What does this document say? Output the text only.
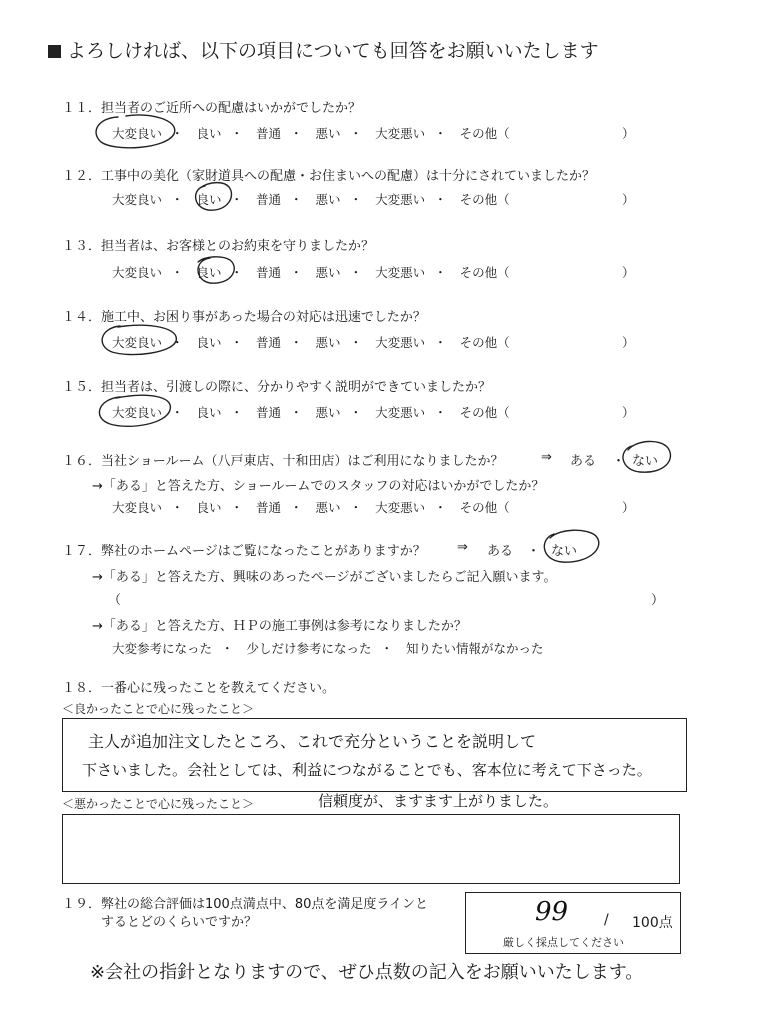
よろしければ、以下の項目についても回答をお願いいたします
１１．担当者のご近所への配慮はいかがでしたか？
大変良い ・ 良い ・ 普通 ・ 悪い ・ 大変悪い ・ その他（	）
１２．工事中の美化（家財道具への配慮・お住まいへの配慮）は十分にされていましたか？
大変良い ・ 良い ・ 普通 ・ 悪い ・ 大変悪い ・ その他（	）
１３．担当者は、お客様とのお約束を守りましたか？
大変良い ・ 良い ・ 普通 ・ 悪い ・ 大変悪い ・ その他（	）
１４．施工中、お困り事があった場合の対応は迅速でしたか？
大変良い ・ 良い ・ 普通 ・ 悪い ・ 大変悪い ・ その他（	）
１５．担当者は、引渡しの際に、分かりやすく説明ができていましたか？
大変良い ・ 良い ・ 普通 ・ 悪い ・ 大変悪い ・ その他（	）
１６．当社ショールーム（八戸東店、十和田店）はご利用になりましたか？	⇒ ある ・ ない
→「ある」と答えた方、ショールームでのスタッフの対応はいかがでしたか？
大変良い ・ 良い ・ 普通 ・ 悪い ・ 大変悪い ・ その他（	）
１７．弊社のホームページはご覧になったことがありますか？ ⇒ ある ・ ない
→「ある」と答えた方、興味のあったページがございましたらご記入願います。
（	）
→「ある」と答えた方、ＨＰの施工事例は参考になりましたか？
大変参考になった ・ 少しだけ参考になった ・ 知りたい情報がなかった
１８．一番心に残ったことを教えてください。
＜良かったことで心に残ったこと＞
主人が追加注文したところ、これで充分ということを説明して
下さいました。会社としては、利益につながることでも、客本位に考えて下さった。
＜悪かったことで心に残ったこと＞	信頼度が、ますます上がりました。
１９．弊社の総合評価は100点満点中、80点を満足度ラインと
するとどのくらいですか？	99	/ 100点
厳しく採点してください
※会社の指針となりますので、ぜひ点数の記入をお願いいたします。
